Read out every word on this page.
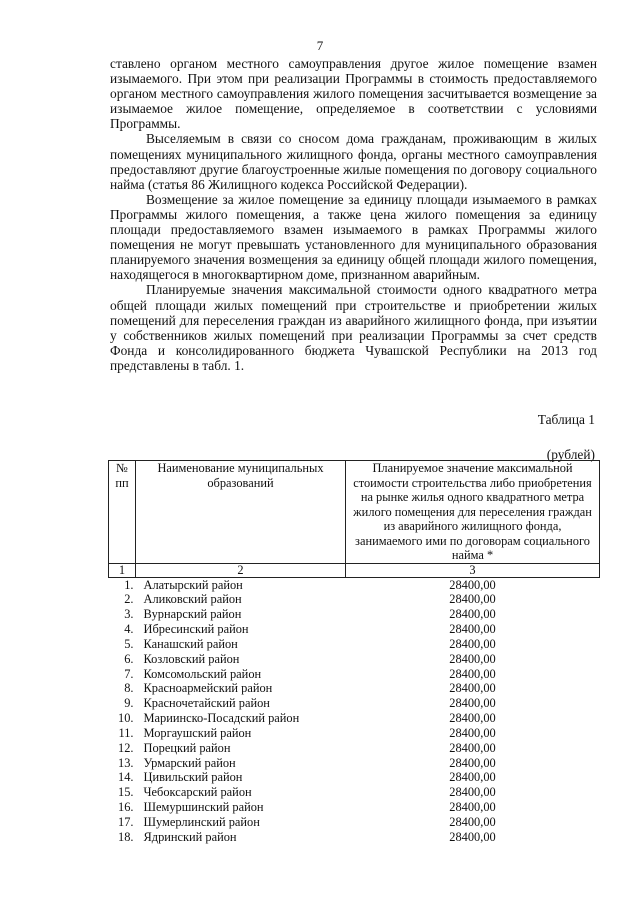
7

ставлено органом местного самоуправления другое жилое помещение взамен изымаемого. При этом при реализации Программы в стоимость предоставляемого органом местного самоуправления жилого помещения засчитывается возмещение за изымаемое жилое помещение, определяемое в соответствии с условиями Программы.

Выселяемым в связи со сносом дома гражданам, проживающим в жилых помещениях муниципального жилищного фонда, органы местного самоуправления предоставляют другие благоустроенные жилые помещения по договору социального найма (статья 86 Жилищного кодекса Российской Федерации).

Возмещение за жилое помещение за единицу площади изымаемого в рамках Программы жилого помещения, а также цена жилого помещения за единицу площади предоставляемого взамен изымаемого в рамках Программы жилого помещения не могут превышать установленного для муниципального образования планируемого значения возмещения за единицу общей площади жилого помещения, находящегося в многоквартирном доме, признанном аварийным.

Планируемые значения максимальной стоимости одного квадратного метра общей площади жилых помещений при строительстве и приобретении жилых помещений для переселения граждан из аварийного жилищного фонда, при изъятии у собственников жилых помещений при реализации Программы за счет средств Фонда и консолидированного бюджета Чувашской Республики на 2013 год представлены в табл. 1.

Таблица 1
(рублей)
№ пп	Наименование муниципальных образований	Планируемое значение максимальной стоимости строительства либо приобретения на рынке жилья одного квадратного метра жилого помещения для переселения граждан из аварийного жилищного фонда, занимаемого ими по договорам социального найма *
1	2	3
1.	Алатырский район	28400,00
2.	Аликовский район	28400,00
3.	Вурнарский район	28400,00
4.	Ибресинский район	28400,00
5.	Канашский район	28400,00
6.	Козловский район	28400,00
7.	Комсомольский район	28400,00
8.	Красноармейский район	28400,00
9.	Красночетайский район	28400,00
10.	Мариинско-Посадский район	28400,00
11.	Моргаушский район	28400,00
12.	Порецкий район	28400,00
13.	Урмарский район	28400,00
14.	Цивильский район	28400,00
15.	Чебоксарский район	28400,00
16.	Шемуршинский район	28400,00
17.	Шумерлинский район	28400,00
18.	Ядринский район	28400,00
